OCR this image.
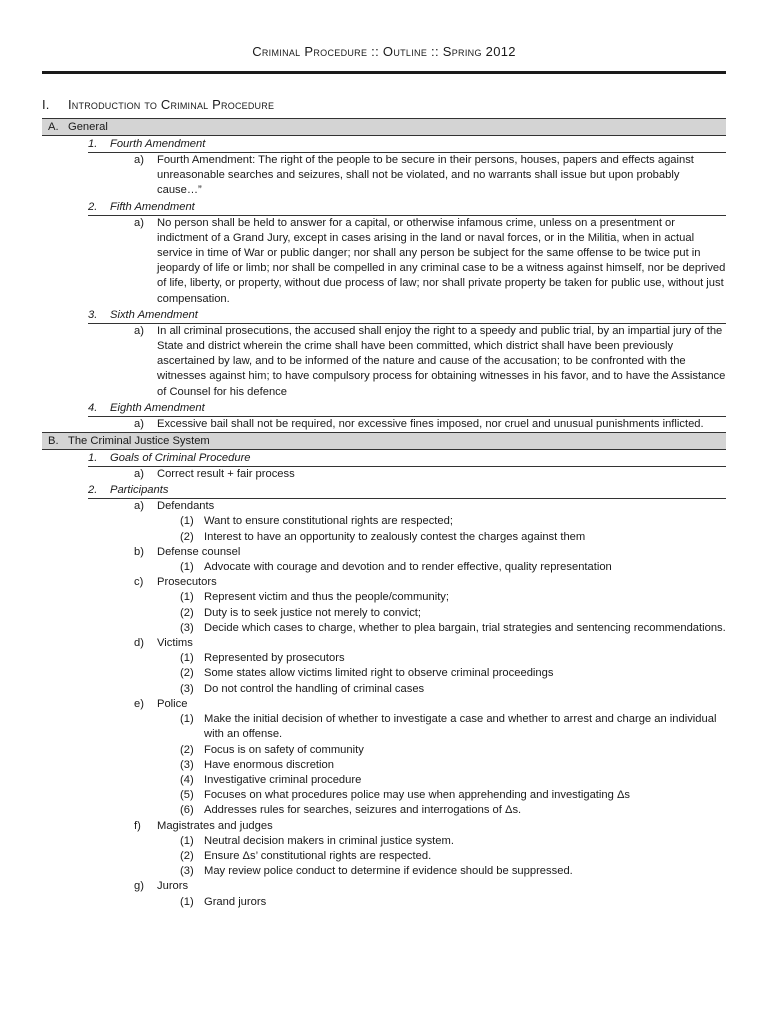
Criminal Procedure :: Outline :: Spring 2012
I. Introduction to Criminal Procedure
A. General
1. Fourth Amendment
a) Fourth Amendment: The right of the people to be secure in their persons, houses, papers and effects against unreasonable searches and seizures, shall not be violated, and no warrants shall issue but upon probably cause…”
2. Fifth Amendment
a) No person shall be held to answer for a capital, or otherwise infamous crime, unless on a presentment or indictment of a Grand Jury, except in cases arising in the land or naval forces, or in the Militia, when in actual service in time of War or public danger; nor shall any person be subject for the same offense to be twice put in jeopardy of life or limb; nor shall be compelled in any criminal case to be a witness against himself, nor be deprived of life, liberty, or property, without due process of law; nor shall private property be taken for public use, without just compensation.
3. Sixth Amendment
a) In all criminal prosecutions, the accused shall enjoy the right to a speedy and public trial, by an impartial jury of the State and district wherein the crime shall have been committed, which district shall have been previously ascertained by law, and to be informed of the nature and cause of the accusation; to be confronted with the witnesses against him; to have compulsory process for obtaining witnesses in his favor, and to have the Assistance of Counsel for his defence
4. Eighth Amendment
a) Excessive bail shall not be required, nor excessive fines imposed, nor cruel and unusual punishments inflicted.
B. The Criminal Justice System
1. Goals of Criminal Procedure
a) Correct result + fair process
2. Participants
a) Defendants
(1) Want to ensure constitutional rights are respected;
(2) Interest to have an opportunity to zealously contest the charges against them
b) Defense counsel
(1) Advocate with courage and devotion and to render effective, quality representation
c) Prosecutors
(1) Represent victim and thus the people/community;
(2) Duty is to seek justice not merely to convict;
(3) Decide which cases to charge, whether to plea bargain, trial strategies and sentencing recommendations.
d) Victims
(1) Represented by prosecutors
(2) Some states allow victims limited right to observe criminal proceedings
(3) Do not control the handling of criminal cases
e) Police
(1) Make the initial decision of whether to investigate a case and whether to arrest and charge an individual with an offense.
(2) Focus is on safety of community
(3) Have enormous discretion
(4) Investigative criminal procedure
(5) Focuses on what procedures police may use when apprehending and investigating Δs
(6) Addresses rules for searches, seizures and interrogations of Δs.
f) Magistrates and judges
(1) Neutral decision makers in criminal justice system.
(2) Ensure Δs’ constitutional rights are respected.
(3) May review police conduct to determine if evidence should be suppressed.
g) Jurors
(1) Grand jurors
